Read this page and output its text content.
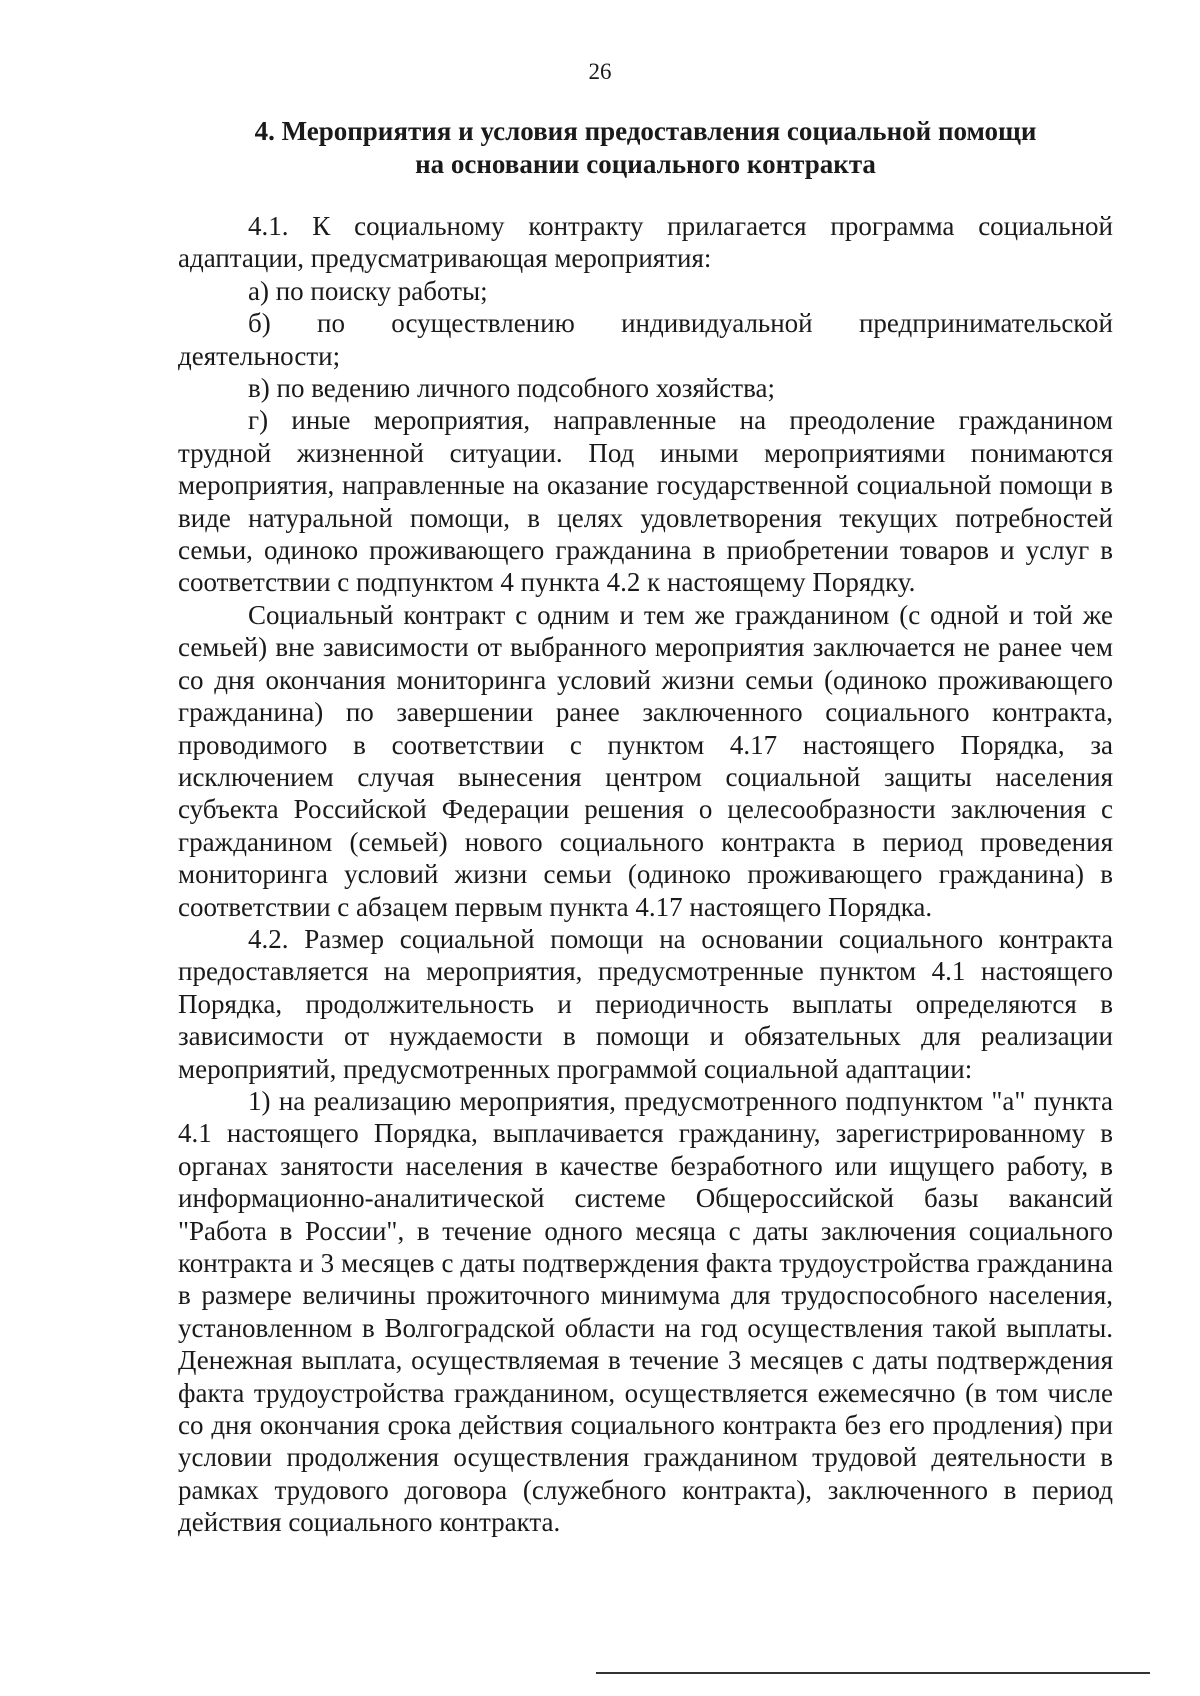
26
4. Мероприятия и условия предоставления социальной помощи
на основании социального контракта

4.1. К социальному контракту прилагается программа социальной адаптации, предусматривающая мероприятия:

а) по поиску работы;

б) по осуществлению индивидуальной предпринимательской деятельности;

в) по ведению личного подсобного хозяйства;

г) иные мероприятия, направленные на преодоление гражданином трудной жизненной ситуации. Под иными мероприятиями понимаются мероприятия, направленные на оказание государственной социальной помощи в виде натуральной помощи, в целях удовлетворения текущих потребностей семьи, одиноко проживающего гражданина в приобретении товаров и услуг в соответствии с подпунктом 4 пункта 4.2 к настоящему Порядку.

Социальный контракт с одним и тем же гражданином (с одной и той же семьей) вне зависимости от выбранного мероприятия заключается не ранее чем со дня окончания мониторинга условий жизни семьи (одиноко проживающего гражданина) по завершении ранее заключенного социального контракта, проводимого в соответствии с пунктом 4.17 настоящего Порядка, за исключением случая вынесения центром социальной защиты населения субъекта Российской Федерации решения о целесообразности заключения с гражданином (семьей) нового социального контракта в период проведения мониторинга условий жизни семьи (одиноко проживающего гражданина) в соответствии с абзацем первым пункта 4.17 настоящего Порядка.

4.2. Размер социальной помощи на основании социального контракта предоставляется на мероприятия, предусмотренные пунктом 4.1 настоящего Порядка, продолжительность и периодичность выплаты определяются в зависимости от нуждаемости в помощи и обязательных для реализации мероприятий, предусмотренных программой социальной адаптации:

1) на реализацию мероприятия, предусмотренного подпунктом "а" пункта 4.1 настоящего Порядка, выплачивается гражданину, зарегистрированному в органах занятости населения в качестве безработного или ищущего работу, в информационно-аналитической системе Общероссийской базы вакансий "Работа в России", в течение одного месяца с даты заключения социального контракта и 3 месяцев с даты подтверждения факта трудоустройства гражданина в размере величины прожиточного минимума для трудоспособного населения, установленном в Волгоградской области на год осуществления такой выплаты. Денежная выплата, осуществляемая в течение 3 месяцев с даты подтверждения факта трудоустройства гражданином, осуществляется ежемесячно (в том числе со дня окончания срока действия социального контракта без его продления) при условии продолжения осуществления гражданином трудовой деятельности в рамках трудового договора (служебного контракта), заключенного в период действия социального контракта.
